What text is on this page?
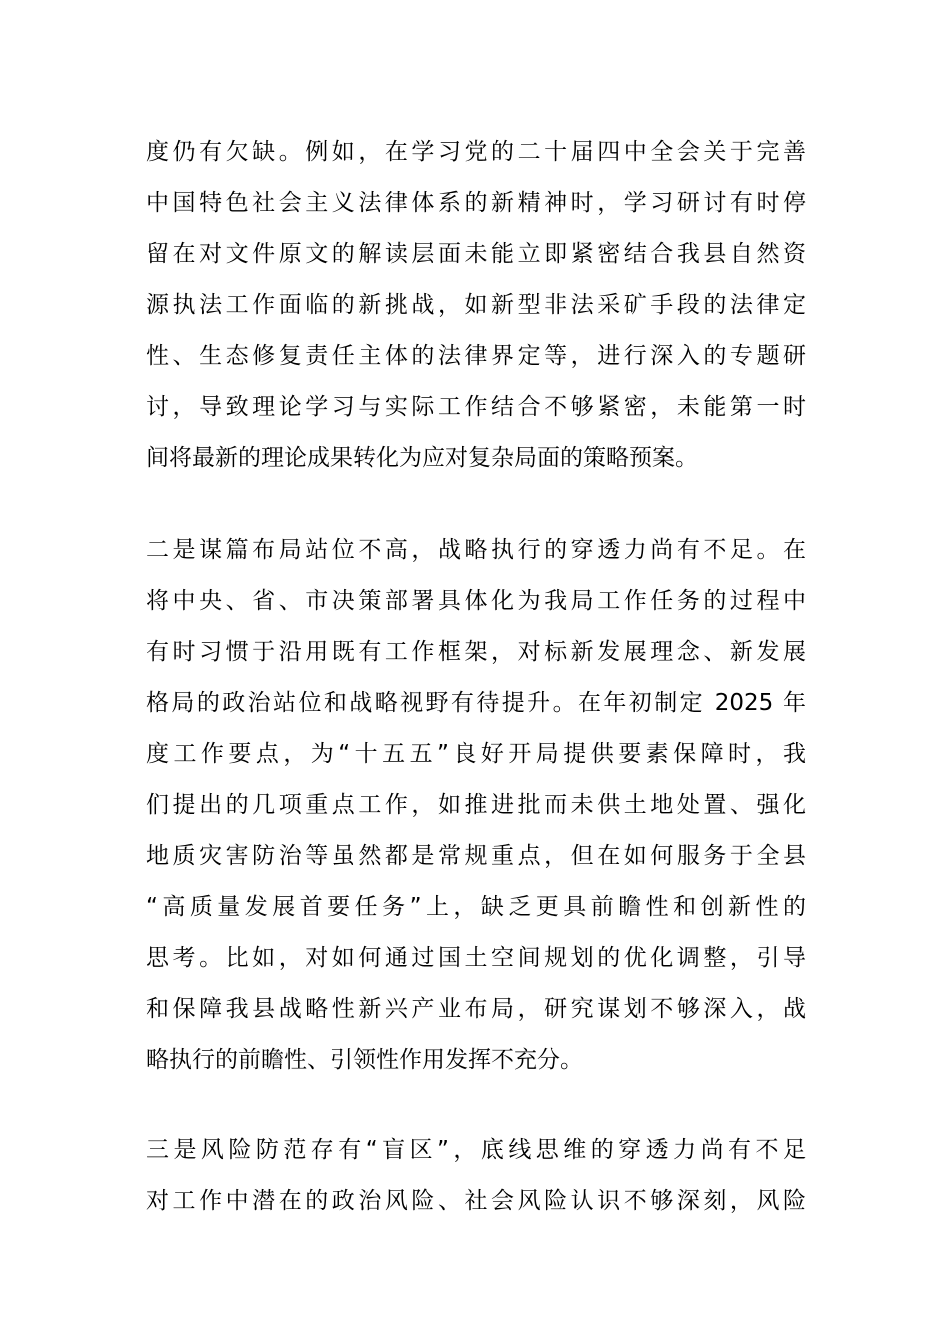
度仍有欠缺。例如，在学习党的二十届四中全会关于完善
中国特色社会主义法律体系的新精神时，学习研讨有时停
留在对文件原文的解读层面未能立即紧密结合我县自然资
源执法工作面临的新挑战，如新型非法采矿手段的法律定
性、生态修复责任主体的法律界定等，进行深入的专题研
讨，导致理论学习与实际工作结合不够紧密，未能第一时
间将最新的理论成果转化为应对复杂局面的策略预案。
二是谋篇布局站位不高，战略执行的穿透力尚有不足。在
将中央、省、市决策部署具体化为我局工作任务的过程中
有时习惯于沿用既有工作框架，对标新发展理念、新发展
格局的政治站位和战略视野有待提升。在年初制定 2025 年
度工作要点，为“十五五”良好开局提供要素保障时，我
们提出的几项重点工作，如推进批而未供土地处置、强化
地质灾害防治等虽然都是常规重点，但在如何服务于全县
“高质量发展首要任务”上，缺乏更具前瞻性和创新性的
思考。比如，对如何通过国土空间规划的优化调整，引导
和保障我县战略性新兴产业布局，研究谋划不够深入，战
略执行的前瞻性、引领性作用发挥不充分。
三是风险防范存有“盲区”，底线思维的穿透力尚有不足
对工作中潜在的政治风险、社会风险认识不够深刻，风险
